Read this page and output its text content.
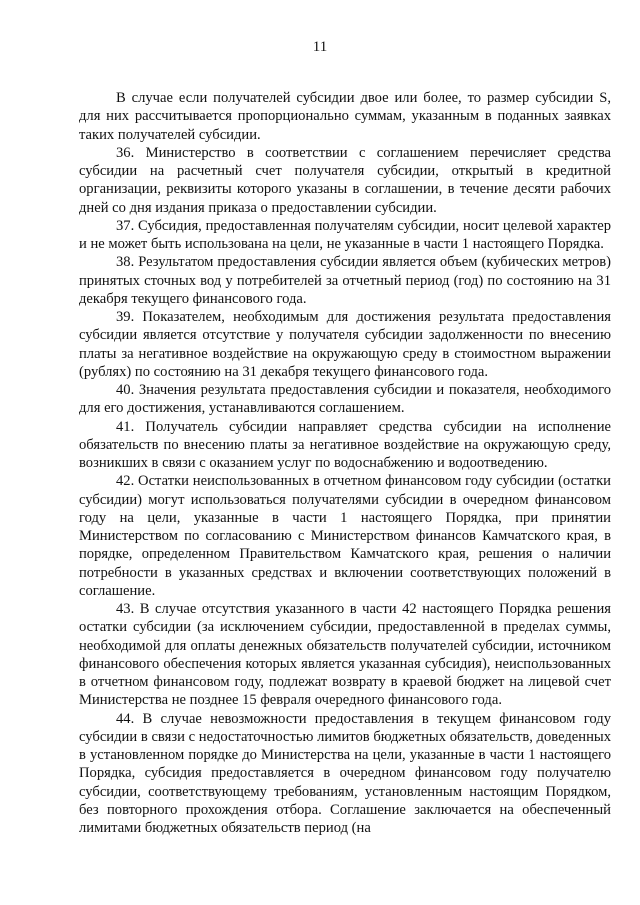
11

В случае если получателей субсидии двое или более, то размер субсидии S, для них рассчитывается пропорционально суммам, указанным в поданных заявках таких получателей субсидии.

36. Министерство в соответствии с соглашением перечисляет средства субсидии на расчетный счет получателя субсидии, открытый в кредитной организации, реквизиты которого указаны в соглашении, в течение десяти рабочих дней со дня издания приказа о предоставлении субсидии.

37. Субсидия, предоставленная получателям субсидии, носит целевой характер и не может быть использована на цели, не указанные в части 1 настоящего Порядка.

38. Результатом предоставления субсидии является объем (кубических метров) принятых сточных вод у потребителей за отчетный период (год) по состоянию на 31 декабря текущего финансового года.

39. Показателем, необходимым для достижения результата предоставления субсидии является отсутствие у получателя субсидии задолженности по внесению платы за негативное воздействие на окружающую среду в стоимостном выражении (рублях) по состоянию на 31 декабря текущего финансового года.

40. Значения результата предоставления субсидии и показателя, необходимого для его достижения, устанавливаются соглашением.

41. Получатель субсидии направляет средства субсидии на исполнение обязательств по внесению платы за негативное воздействие на окружающую среду, возникших в связи с оказанием услуг по водоснабжению и водоотведению.

42. Остатки неиспользованных в отчетном финансовом году субсидии (остатки субсидии) могут использоваться получателями субсидии в очередном финансовом году на цели, указанные в части 1 настоящего Порядка, при принятии Министерством по согласованию с Министерством финансов Камчатского края, в порядке, определенном Правительством Камчатского края, решения о наличии потребности в указанных средствах и включении соответствующих положений в соглашение.

43. В случае отсутствия указанного в части 42 настоящего Порядка решения остатки субсидии (за исключением субсидии, предоставленной в пределах суммы, необходимой для оплаты денежных обязательств получателей субсидии, источником финансового обеспечения которых является указанная субсидия), неиспользованных в отчетном финансовом году, подлежат возврату в краевой бюджет на лицевой счет Министерства не позднее 15 февраля очередного финансового года.

44. В случае невозможности предоставления в текущем финансовом году субсидии в связи с недостаточностью лимитов бюджетных обязательств, доведенных в установленном порядке до Министерства на цели, указанные в части 1 настоящего Порядка, субсидия предоставляется в очередном финансовом году получателю субсидии, соответствующему требованиям, установленным настоящим Порядком, без повторного прохождения отбора. Соглашение заключается на обеспеченный лимитами бюджетных обязательств период (на
